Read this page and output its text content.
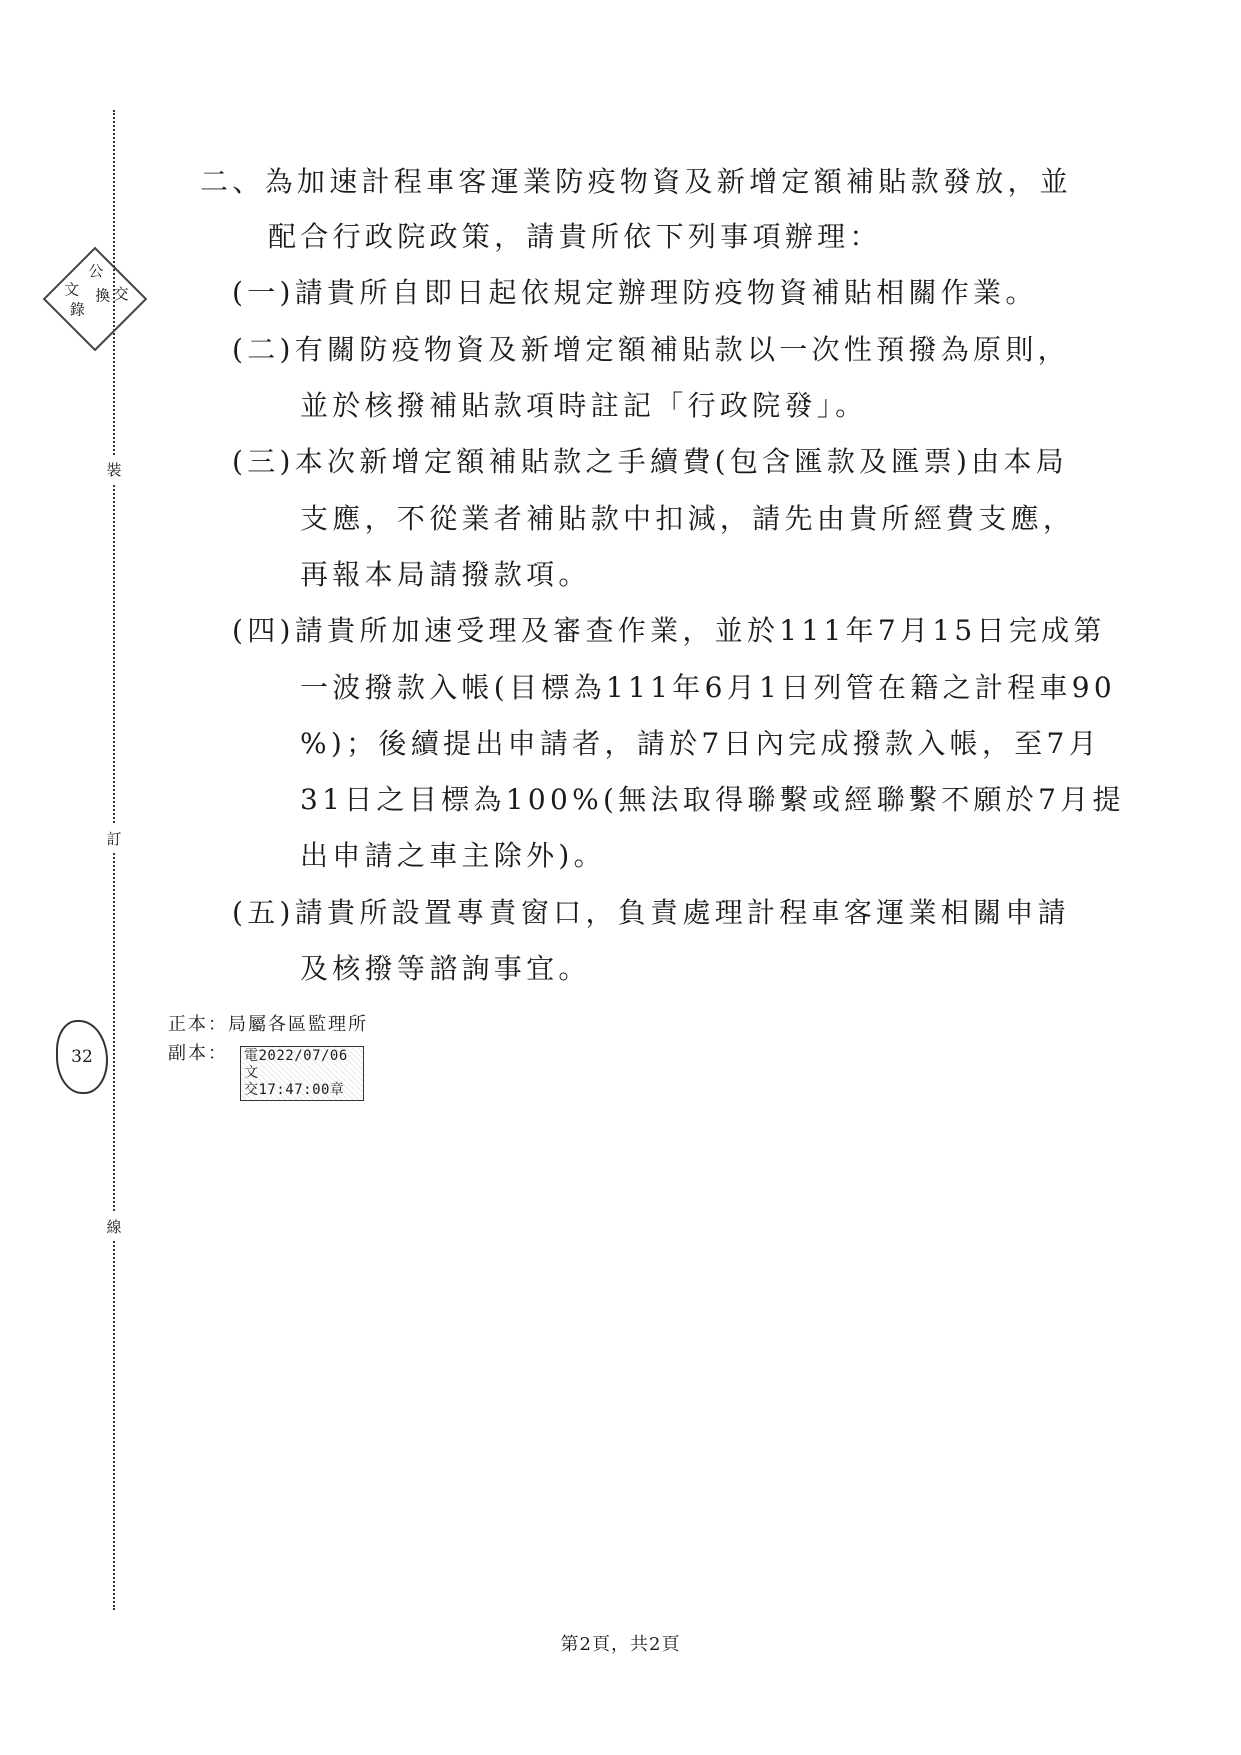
裝
訂
線
公
換
文 交
錄
32
二、為加速計程車客運業防疫物資及新增定額補貼款發放，並
配合行政院政策，請貴所依下列事項辦理：
(一)請貴所自即日起依規定辦理防疫物資補貼相關作業。
(二)有關防疫物資及新增定額補貼款以一次性預撥為原則，
並於核撥補貼款項時註記「行政院發」。
(三)本次新增定額補貼款之手續費(包含匯款及匯票)由本局
支應，不從業者補貼款中扣減，請先由貴所經費支應，
再報本局請撥款項。
(四)請貴所加速受理及審查作業，並於111年7月15日完成第
一波撥款入帳(目標為111年6月1日列管在籍之計程車90
%)；後續提出申請者，請於7日內完成撥款入帳，至7月
31日之目標為100%(無法取得聯繫或經聯繫不願於7月提
出申請之車主除外)。
(五)請貴所設置專責窗口，負責處理計程車客運業相關申請
及核撥等諮詢事宜。
正本：局屬各區監理所
副本： 電2022/07/06文
交17:47:00章
第2頁，共2頁
